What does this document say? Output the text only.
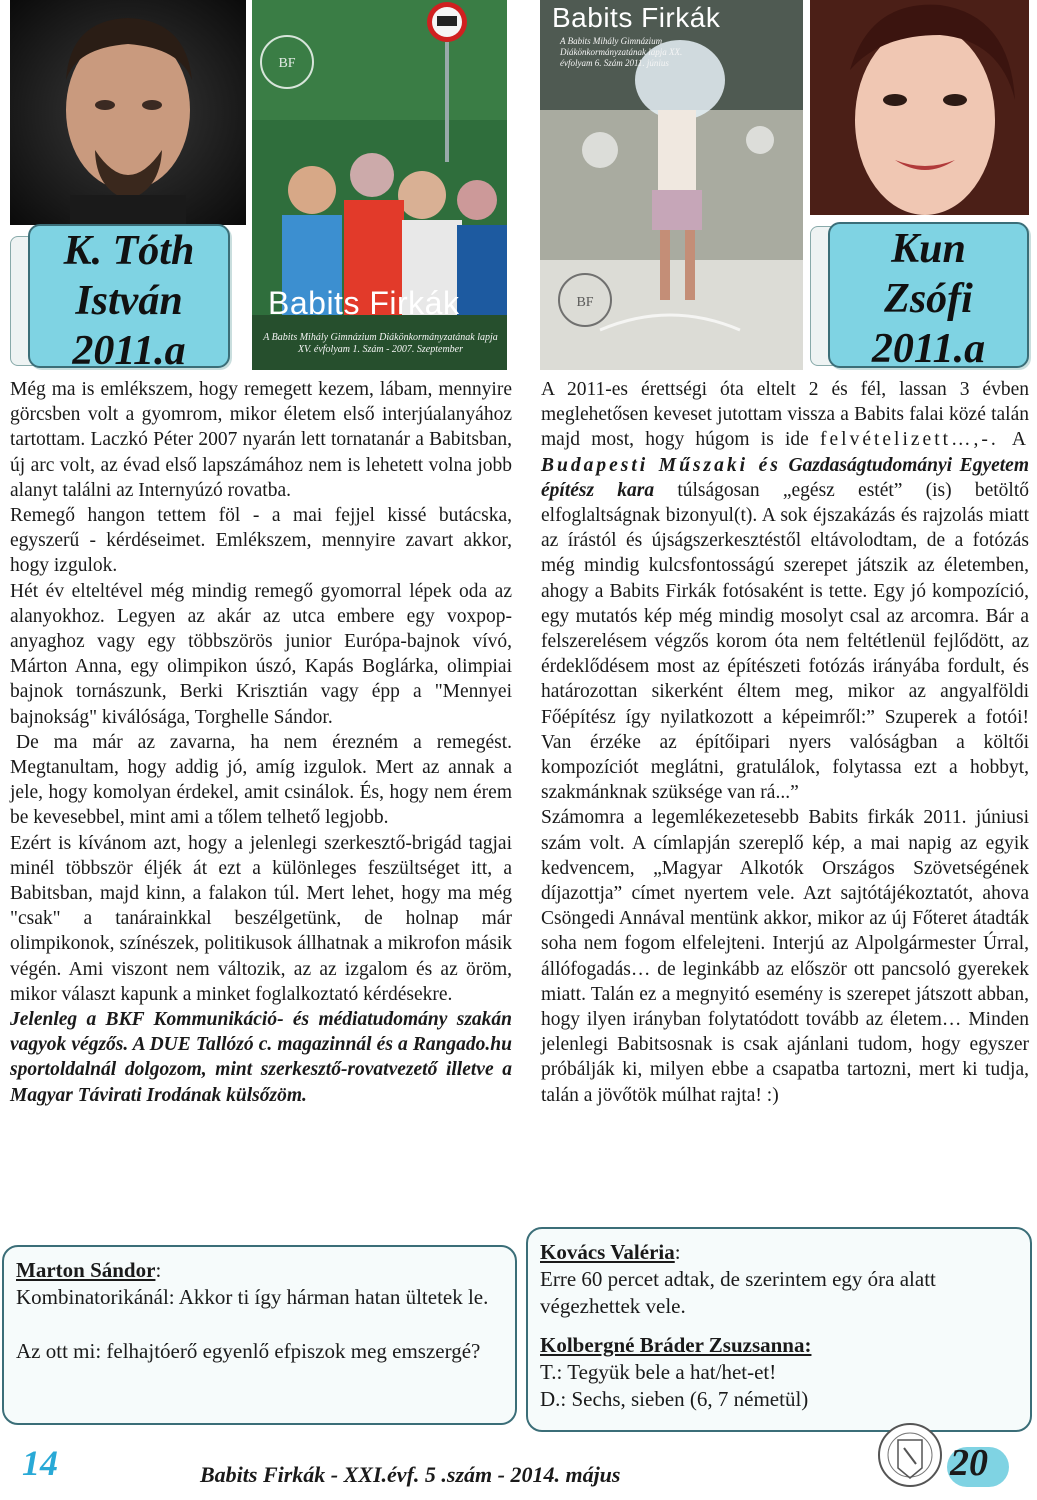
BF
Babits Firkák
A Babits Mihály Gimnázium Diákönkormányzatának lapja XV. évfolyam 1. Szám - 2007. Szeptember
BF
Babits Firkák
A Babits Mihály Gimnázium Diákönkormányzatának lapja XX. évfolyam 6. Szám 2011. június
K. Tóth
István
2011.a
Kun
Zsófi
2011.a

Még ma is emlékszem, hogy remegett kezem, lábam, mennyire görcsben volt a gyomrom, mikor életem első interjúalanyához tartottam. Laczkó Péter 2007 nyarán lett tornatanár a Babitsban, új arc volt, az évad első lapszámához nem is lehetett volna jobb alanyt találni az Internyúzó rovatba.

Remegő hangon tettem föl - a mai fejjel kissé butácska, egyszerű - kérdéseimet. Emlékszem, mennyire zavart akkor, hogy izgulok.

Hét év elteltével még mindig remegő gyomorral lépek oda az alanyokhoz. Legyen az akár az utca embere egy voxpop-anyaghoz vagy egy többszörös junior Európa-bajnok vívó, Márton Anna, egy olimpikon úszó, Kapás Boglárka, olimpiai bajnok tornászunk, Berki Krisztián vagy épp a "Mennyei bajnokság" kiválósága, Torghelle Sándor.

De ma már az zavarna, ha nem érezném a remegést. Megtanultam, hogy addig jó, amíg izgulok. Mert az annak a jele, hogy komolyan érdekel, amit csinálok. És, hogy nem érem be kevesebbel, mint ami a tőlem telhető legjobb.

Ezért is kívánom azt, hogy a jelenlegi szerkesztő-brigád tagjai minél többször éljék át ezt a különleges feszültséget itt, a Babitsban, majd kinn, a falakon túl. Mert lehet, hogy ma még "csak" a tanárainkkal beszélgetünk, de holnap már olimpikonok, színészek, politikusok állhatnak a mikrofon másik végén. Ami viszont nem változik, az az izgalom és az öröm, mikor választ kapunk a minket foglalkoztató kérdésekre.

Jelenleg a BKF Kommunikáció- és médiatudomány szakán vagyok végzős. A DUE Tallózó c. magazinnál és a Rangado.hu sportoldalnál dolgozom, mint szerkesztő-rovatvezető illetve a Magyar Távirati Irodának külsőzöm.

A 2011-es érettségi óta eltelt 2 és fél, lassan 3 évben meglehetősen keveset jutottam vissza a Babits falai közé talán majd most, hogy húgom is ide felvételizett…,-. A Budapesti Műszaki és Gazdaságtudományi Egyetem építész kara túlságosan „egész estét” (is) betöltő elfoglaltságnak bizonyul(t). A sok éjszakázás és rajzolás miatt az írástól és újságszerkesztéstől eltávolodtam, de a fotózás még mindig kulcsfontosságú szerepet játszik az életemben, ahogy a Babits Firkák fotósaként is tette. Egy jó kompozíció, egy mutatós kép még mindig mosolyt csal az arcomra. Bár a felszerelésem végzős korom óta nem feltétlenül fejlődött, az érdeklődésem most az építészeti fotózás irányába fordult, és határozottan sikerként éltem meg, mikor az angyalföldi Főépítész így nyilatkozott a képeimről:” Szuperek a fotói! Van érzéke az építőipari nyers valóságban a költői kompozíciót meglátni, gratulálok, folytassa ezt a hobbyt, szakmánknak szüksége van rá...”

Számomra a legemlékezetesebb Babits firkák 2011. júniusi szám volt. A címlapján szereplő kép, a mai napig az egyik kedvencem, „Magyar Alkotók Országos Szövetségének díjazottja” címet nyertem vele. Azt sajtótájékoztatót, ahova Csöngedi Annával mentünk akkor, mikor az új Főteret átadták soha nem fogom elfelejteni. Interjú az Alpolgármester Úrral, állófogadás… de leginkább az először ott pancsoló gyerekek miatt. Talán ez a megnyitó esemény is szerepet játszott abban, hogy ilyen irányban folytatódott tovább az életem… Minden jelenlegi Babitsosnak is csak ajánlani tudom, hogy egyszer próbálják ki, milyen ebbe a csapatba tartozni, mert ki tudja, talán a jövőtök múlhat rajta! :)

Marton Sándor:

Kombinatorikánál: Akkor ti így hárman hatan ültetek le.

Az ott mi: felhajtóerő egyenlő efpiszok meg emszergé?

Kovács Valéria:

Erre 60 percet adtak, de szerintem egy óra alatt végezhettek vele.

Kolbergné Bráder Zsuzsanna:

T.: Tegyük bele a hat/het-et!

D.: Sechs, sieben (6, 7 németül)

14	Babits Firkák - XXI.évf. 5 .szám - 2014. május	20
